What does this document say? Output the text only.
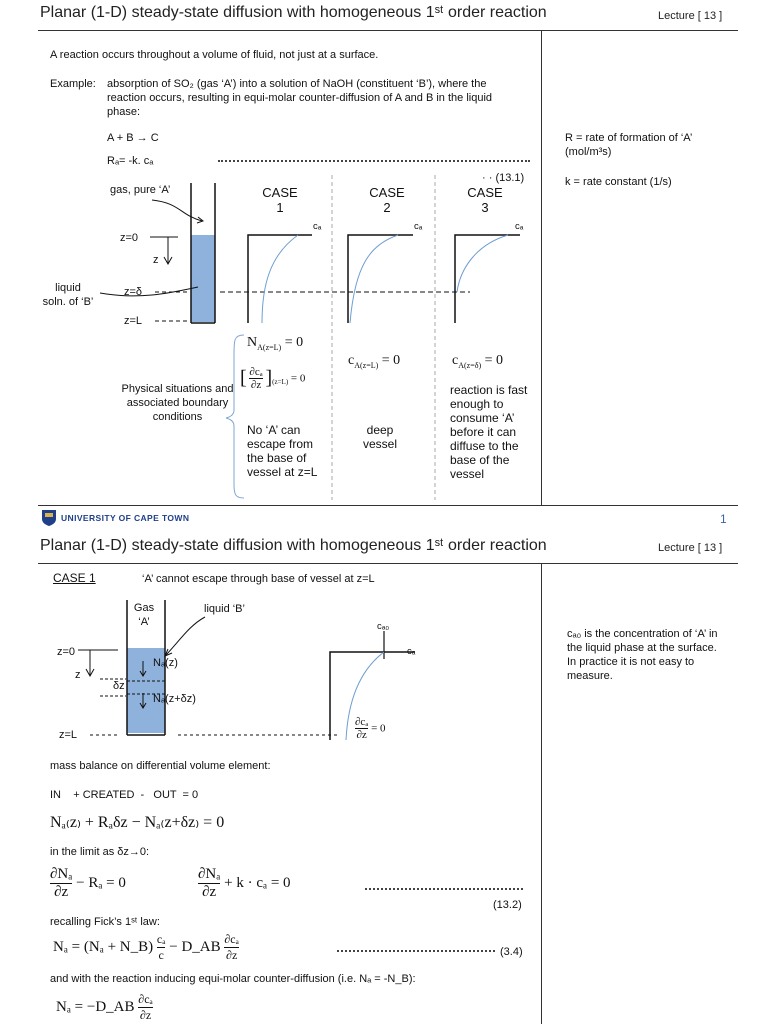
Planar (1-D) steady-state diffusion with homogeneous 1ˢᵗ order reaction	Lecture [ 13 ]
A reaction occurs throughout a volume of fluid, not just at a surface.
Example: absorption of SO₂ (gas ‘A’) into a solution of NaOH (constituent ‘B’), where the reaction occurs, resulting in equi-molar counter-diffusion of A and B in the liquid phase:
A + B → C
Rₐ= -k. cₐ
· · (13.1)
R = rate of formation of ‘A’ (mol/m³s)
k = rate constant (1/s)
gas, pure ‘A’
z=0
z
z=δ
z=L
liquid
soln. of ‘B’
CASE
1
CASE
2
CASE
3
cₐ	cₐ	cₐ
Physical situations and associated boundary conditions
$N_{A(z=L)} = 0$
[ $\frac{\text{∂cₐ}}{\partial z} ]_{(z=L)} = 0$
No ‘A’ can escape from the base of vessel at z=L
$c_{A(z=L)} = 0$
deep vessel
$c_{A(z=\delta)} = 0$
reaction is fast enough to consume ‘A’ before it can diffuse to the base of the vessel
UNIVERSITY OF CAPE TOWN	1
Planar (1-D) steady-state diffusion with homogeneous 1ˢᵗ order reaction	Lecture [ 13 ]
CASE 1	‘A’ cannot escape through base of vessel at z=L
Gas
‘A’
liquid ‘B’
z=0
z
δz
z=L
Nₐ(z)
Nₐ(z+δz)
cₐ₀
cₐ
$\frac{\text{∂cₐ}}{\partial z} = 0$
cₐ₀ is the concentration of ‘A’ in the liquid phase at the surface. In practice it is not easy to measure.
mass balance on differential volume element:
IN    + CREATED  -   OUT  = 0
Nₐ₍z₎ + Rₐδz − Nₐ₍z+δz₎ = 0
in the limit as δz→0:
$\frac{\text{∂Nₐ}}{\partial z} - R_a = 0$	$\frac{\text{∂Nₐ}}{\partial z} + k \cdot c_a = 0$
(13.2)
recalling Fick’s 1ˢᵗ law:
Nₐ = (Nₐ + N_B) $\frac{\text{cₐ}}{c}$ − D_AB $\frac{\text{∂cₐ}}{\partial z}$	(3.4)
and with the reaction inducing equi-molar counter-diffusion (i.e. Nₐ = -N_B):
Nₐ = −D_AB $\frac{\text{∂cₐ}}{\partial z}$
